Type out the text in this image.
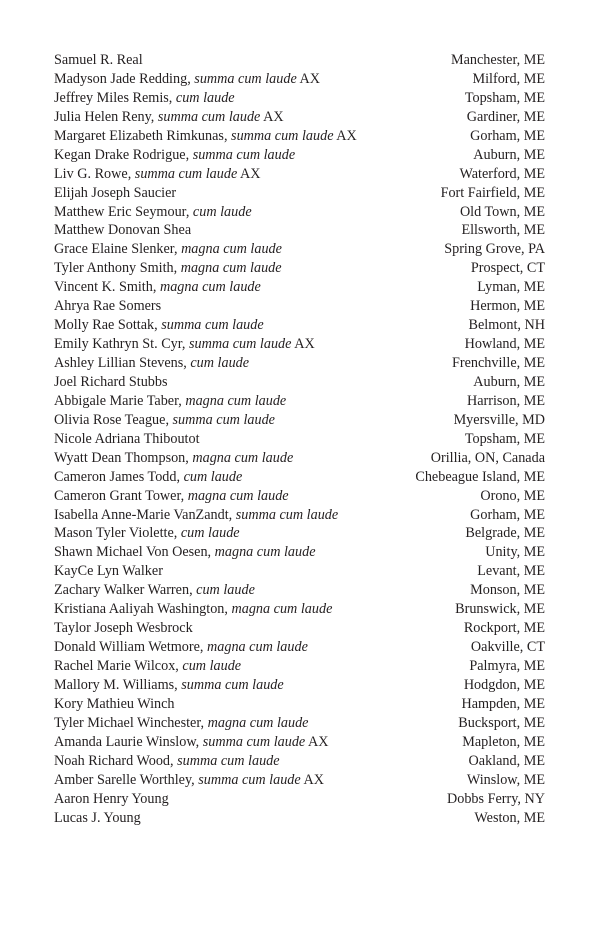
Samuel R. Real	Manchester, ME
Madyson Jade Redding, summa cum laude AX	Milford, ME
Jeffrey Miles Remis, cum laude	Topsham, ME
Julia Helen Reny, summa cum laude AX	Gardiner, ME
Margaret Elizabeth Rimkunas, summa cum laude AX	Gorham, ME
Kegan Drake Rodrigue, summa cum laude	Auburn, ME
Liv G. Rowe, summa cum laude AX	Waterford, ME
Elijah Joseph Saucier	Fort Fairfield, ME
Matthew Eric Seymour, cum laude	Old Town, ME
Matthew Donovan Shea	Ellsworth, ME
Grace Elaine Slenker, magna cum laude	Spring Grove, PA
Tyler Anthony Smith, magna cum laude	Prospect, CT
Vincent K. Smith, magna cum laude	Lyman, ME
Ahrya Rae Somers	Hermon, ME
Molly Rae Sottak, summa cum laude	Belmont, NH
Emily Kathryn St. Cyr, summa cum laude AX	Howland, ME
Ashley Lillian Stevens, cum laude	Frenchville, ME
Joel Richard Stubbs	Auburn, ME
Abbigale Marie Taber, magna cum laude	Harrison, ME
Olivia Rose Teague, summa cum laude	Myersville, MD
Nicole Adriana Thiboutot	Topsham, ME
Wyatt Dean Thompson, magna cum laude	Orillia, ON, Canada
Cameron James Todd, cum laude	Chebeague Island, ME
Cameron Grant Tower, magna cum laude	Orono, ME
Isabella Anne-Marie VanZandt, summa cum laude	Gorham, ME
Mason Tyler Violette, cum laude	Belgrade, ME
Shawn Michael Von Oesen, magna cum laude	Unity, ME
KayCe Lyn Walker	Levant, ME
Zachary Walker Warren, cum laude	Monson, ME
Kristiana Aaliyah Washington, magna cum laude	Brunswick, ME
Taylor Joseph Wesbrock	Rockport, ME
Donald William Wetmore, magna cum laude	Oakville, CT
Rachel Marie Wilcox, cum laude	Palmyra, ME
Mallory M. Williams, summa cum laude	Hodgdon, ME
Kory Mathieu Winch	Hampden, ME
Tyler Michael Winchester, magna cum laude	Bucksport, ME
Amanda Laurie Winslow, summa cum laude AX	Mapleton, ME
Noah Richard Wood, summa cum laude	Oakland, ME
Amber Sarelle Worthley, summa cum laude AX	Winslow, ME
Aaron Henry Young	Dobbs Ferry, NY
Lucas J. Young	Weston, ME
